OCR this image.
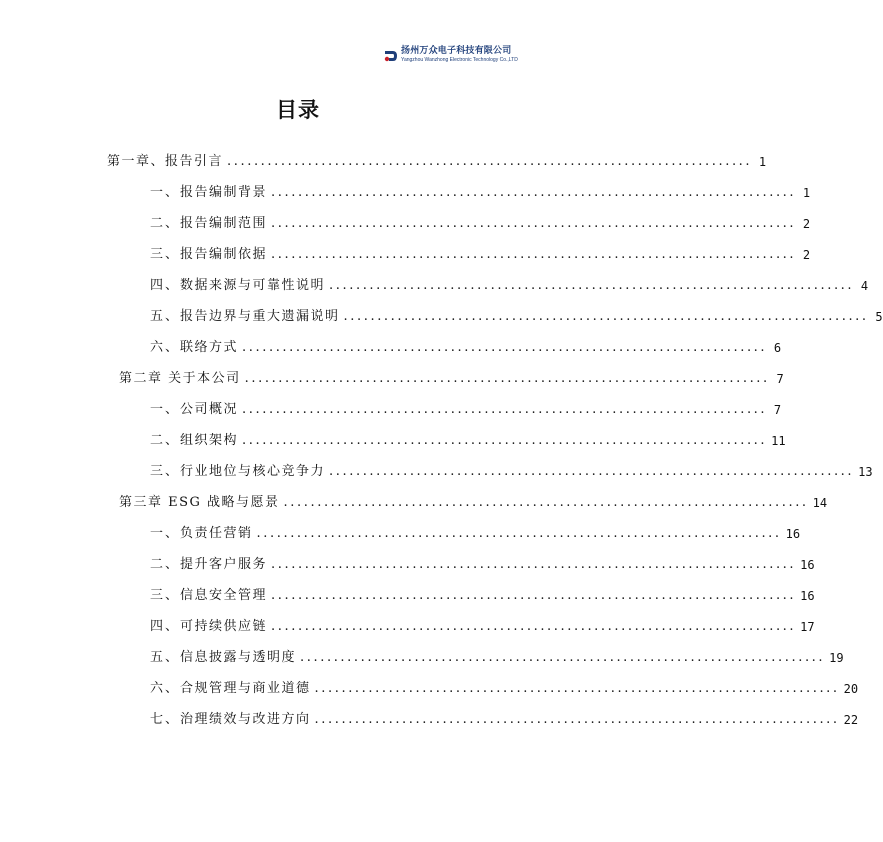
扬州万众电子科技有限公司
Yangzhou Wanzhong Electronic Technology Co.,LTD
目录
第一章、报告引言 .............................................................................. 1
一、 报告编制背景 .............................................................................. 1
二、 报告编制范围 .............................................................................. 2
三、 报告编制依据 .............................................................................. 2
四、 数据来源与可靠性说明 .............................................................................. 4
五、 报告边界与重大遗漏说明 .............................................................................. 5
六、 联络方式 .............................................................................. 6
第二章 关于本公司 .............................................................................. 7
一、 公司概况 .............................................................................. 7
二、 组织架构 .............................................................................. 11
三、 行业地位与核心竞争力 .............................................................................. 13
第三章 ESG 战略与愿景 .............................................................................. 14
一、 负责任营销 .............................................................................. 16
二、 提升客户服务 .............................................................................. 16
三、 信息安全管理 .............................................................................. 16
四、 可持续供应链 .............................................................................. 17
五、 信息披露与透明度 .............................................................................. 19
六、 合规管理与商业道德 .............................................................................. 20
七、 治理绩效与改进方向 .............................................................................. 22
